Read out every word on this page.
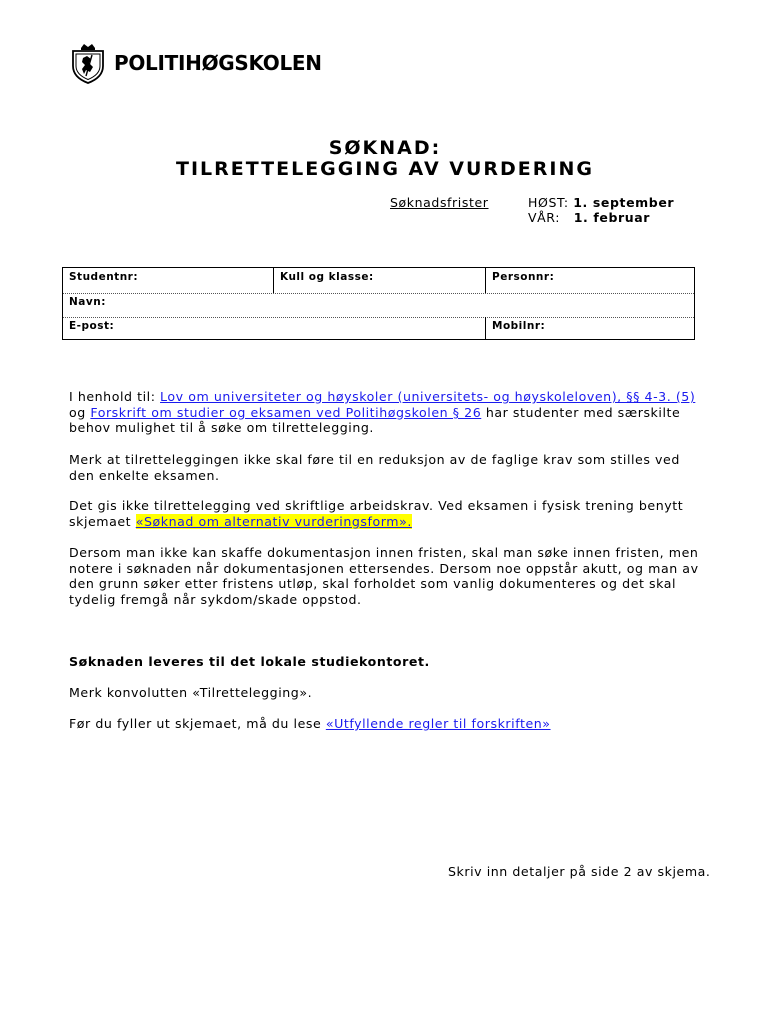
POLITIHØGSKOLEN
SØKNAD:
TILRETTELEGGING AV VURDERING
Søknadsfrister	HØST: 1. september
VÅR: 1. februar
Studentnr:	Kull og klasse:	Personnr:
Navn:
E-post:	Mobilnr:
I henhold til: Lov om universiteter og høyskoler (universitets- og høyskoleloven), §§ 4-3. (5)
og Forskrift om studier og eksamen ved Politihøgskolen § 26 har studenter med særskilte behov mulighet til å søke om tilrettelegging.
Merk at tilretteleggingen ikke skal føre til en reduksjon av de faglige krav som stilles ved den enkelte eksamen.
Det gis ikke tilrettelegging ved skriftlige arbeidskrav. Ved eksamen i fysisk trening benytt skjemaet «Søknad om alternativ vurderingsform».
Dersom man ikke kan skaffe dokumentasjon innen fristen, skal man søke innen fristen, men notere i søknaden når dokumentasjonen ettersendes. Dersom noe oppstår akutt, og man av den grunn søker etter fristens utløp, skal forholdet som vanlig dokumenteres og det skal tydelig fremgå når sykdom/skade oppstod.
Søknaden leveres til det lokale studiekontoret.
Merk konvolutten «Tilrettelegging».
Før du fyller ut skjemaet, må du lese «Utfyllende regler til forskriften»
Skriv inn detaljer på side 2 av skjema.
